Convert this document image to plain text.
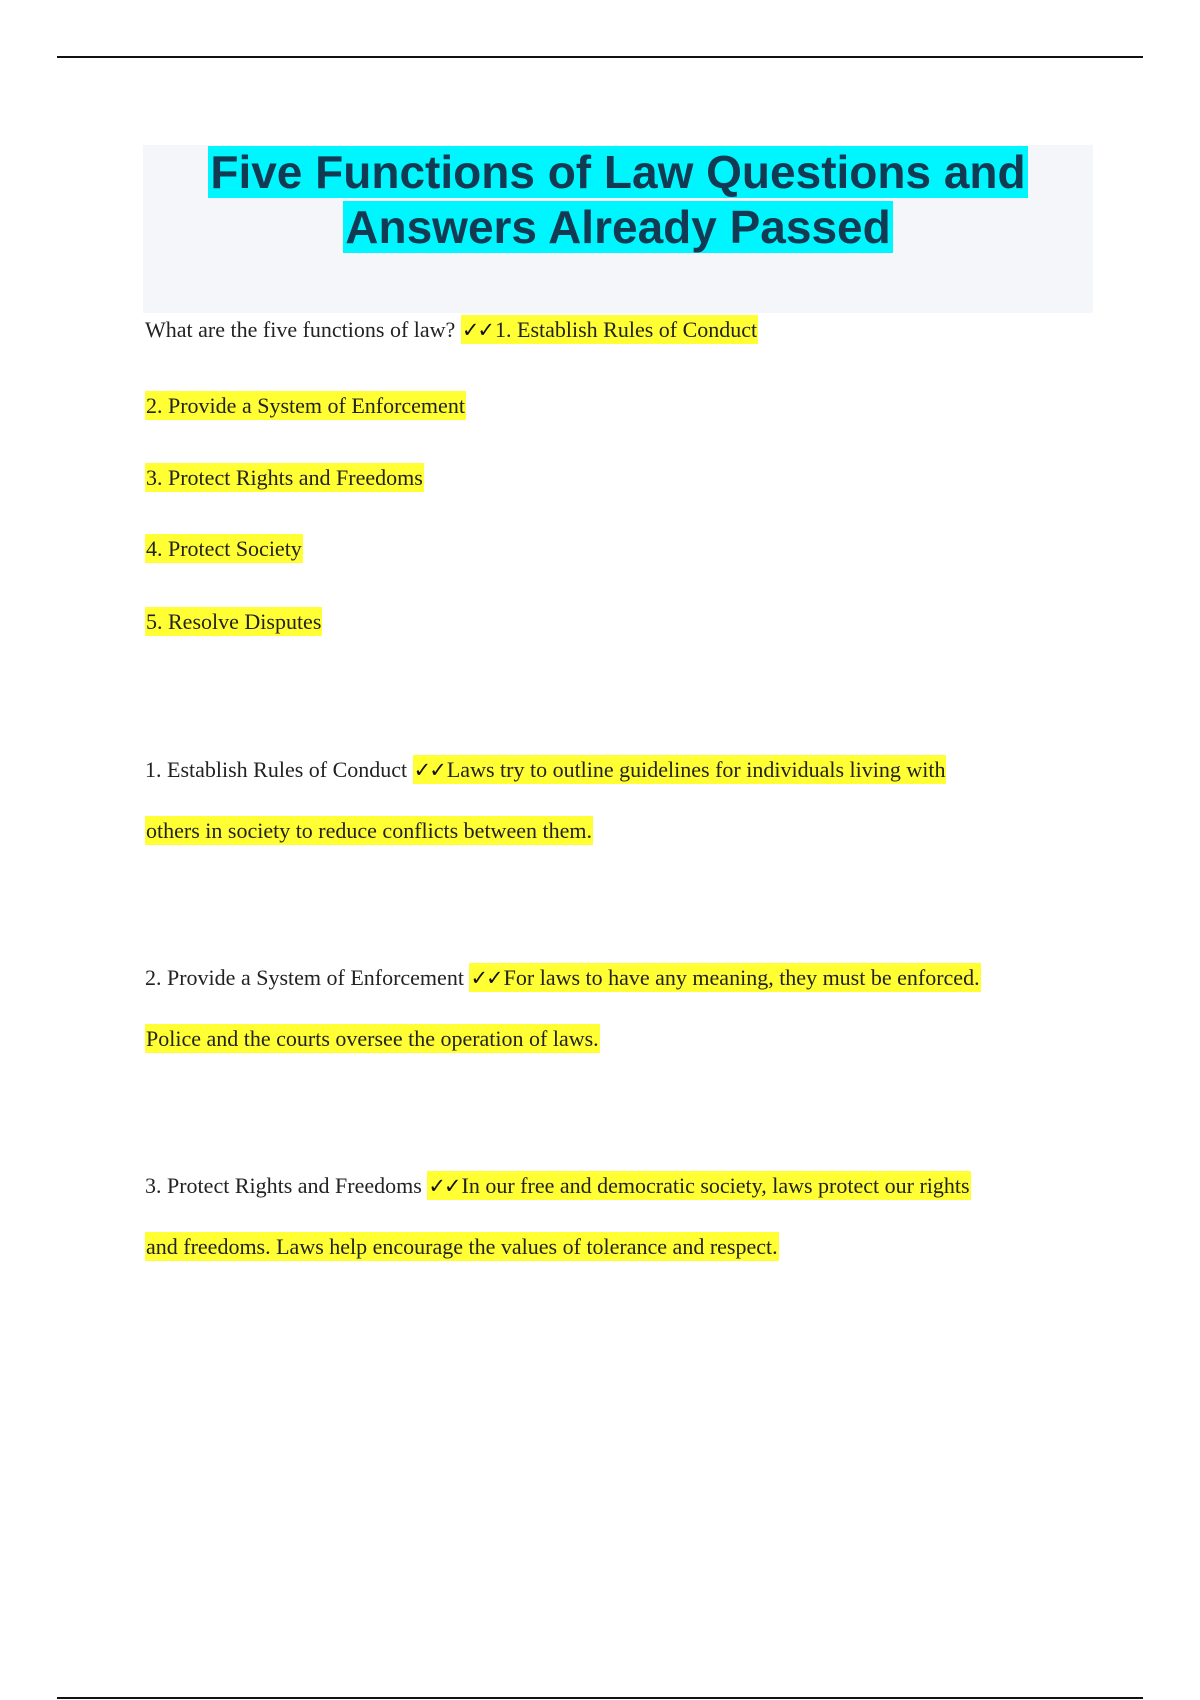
Five Functions of Law Questions and
Answers Already Passed
What are the five functions of law? ✓✓1. Establish Rules of Conduct
2. Provide a System of Enforcement
3. Protect Rights and Freedoms
4. Protect Society
5. Resolve Disputes
1. Establish Rules of Conduct ✓✓Laws try to outline guidelines for individuals living with
others in society to reduce conflicts between them.
2. Provide a System of Enforcement ✓✓For laws to have any meaning, they must be enforced.
Police and the courts oversee the operation of laws.
3. Protect Rights and Freedoms ✓✓In our free and democratic society, laws protect our rights
and freedoms. Laws help encourage the values of tolerance and respect.
